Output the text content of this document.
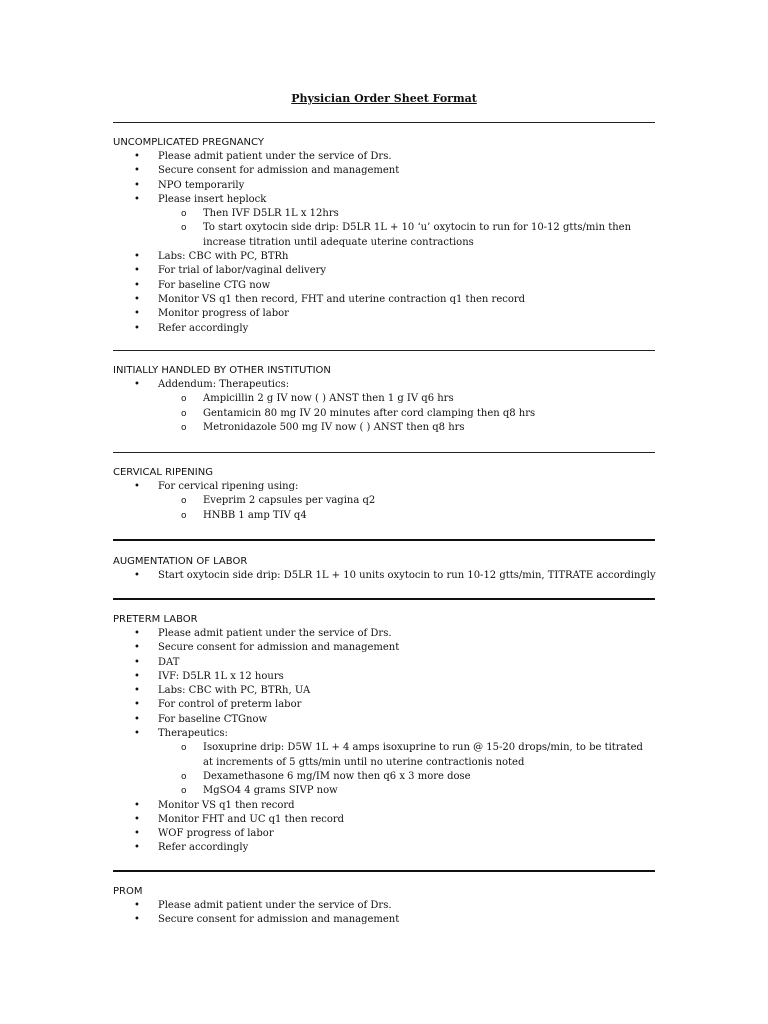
Physician Order Sheet Format
UNCOMPLICATED PREGNANCY
• Please admit patient under the service of Drs.
• Secure consent for admission and management
• NPO temporarily
• Please insert heplock
o Then IVF D5LR 1L x 12hrs
o To start oxytocin side drip: D5LR 1L + 10 ‘u’ oxytocin to run for 10-12 gtts/min then increase titration until adequate uterine contractions
• Labs: CBC with PC, BTRh
• For trial of labor/vaginal delivery
• For baseline CTG now
• Monitor VS q1 then record, FHT and uterine contraction q1 then record
• Monitor progress of labor
• Refer accordingly
INITIALLY HANDLED BY OTHER INSTITUTION
• Addendum: Therapeutics:
o Ampicillin 2 g IV now ( ) ANST then 1 g IV q6 hrs
o Gentamicin 80 mg IV 20 minutes after cord clamping then q8 hrs
o Metronidazole 500 mg IV now ( ) ANST then q8 hrs
CERVICAL RIPENING
• For cervical ripening using:
o Eveprim 2 capsules per vagina q2
o HNBB 1 amp TIV q4
AUGMENTATION OF LABOR
• Start oxytocin side drip: D5LR 1L + 10 units oxytocin to run 10-12 gtts/min, TITRATE accordingly
PRETERM LABOR
• Please admit patient under the service of Drs.
• Secure consent for admission and management
• DAT
• IVF: D5LR 1L x 12 hours
• Labs: CBC with PC, BTRh, UA
• For control of preterm labor
• For baseline CTGnow
• Therapeutics:
o Isoxuprine drip: D5W 1L + 4 amps isoxuprine to run @ 15-20 drops/min, to be titrated at increments of 5 gtts/min until no uterine contractionis noted
o Dexamethasone 6 mg/IM now then q6 x 3 more dose
o MgSO4 4 grams SIVP now
• Monitor VS q1 then record
• Monitor FHT and UC q1 then record
• WOF progress of labor
• Refer accordingly
PROM
• Please admit patient under the service of Drs.
• Secure consent for admission and management
